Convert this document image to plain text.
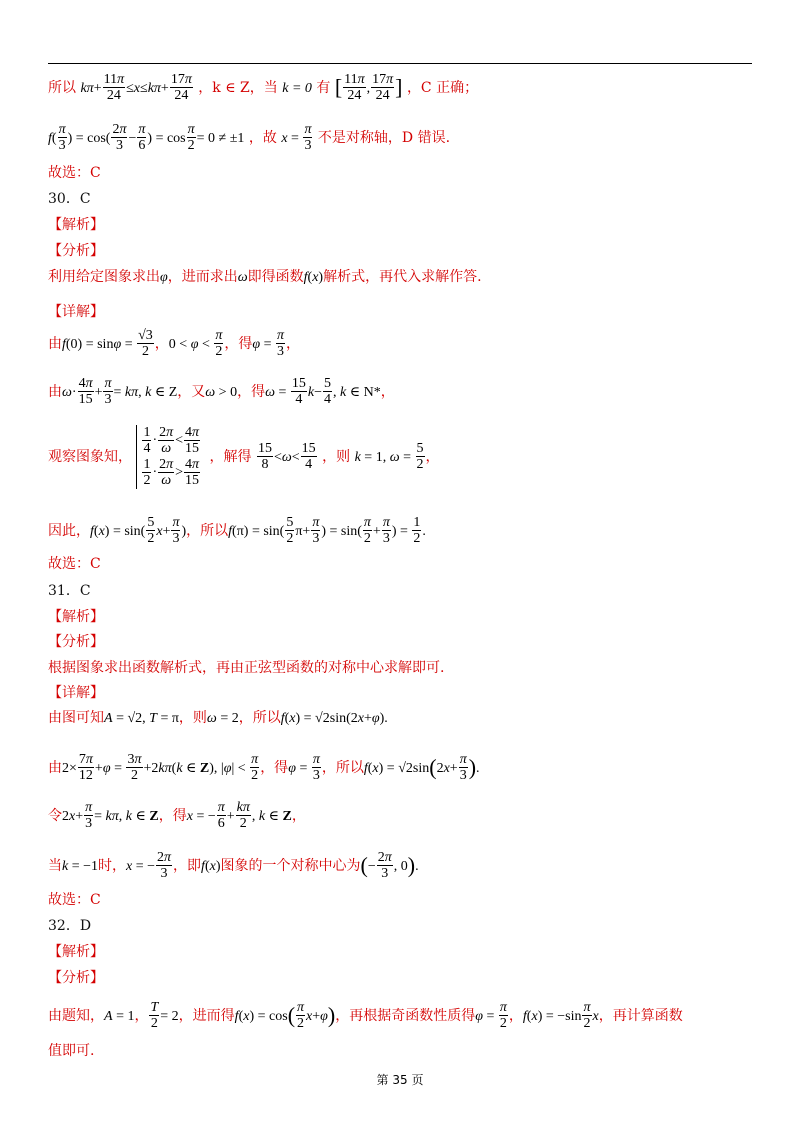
所以 $k\pi+ \frac{11\pi}{24} \le x\le k\pi+ \frac{17\pi}{24}$ ，k ∈ Z，当 k = 0 有 [ $\frac{11\pi}{24}$ , $\frac{17\pi}{24}$ ] ，C 正确；
$f( \frac{\pi}{3}$ ) = $\cos( \frac{2\pi}{3} - \frac{\pi}{6}$ ) = $\cos \frac{\pi}{2} = 0 \ne \pm 1$ ，故 $x = \frac{\pi}{3}$ 不是对称轴，D 错误.
故选：C
30．C
【解析】
【分析】
利用给定图象求出φ，进而求出ω即得函数f(x)解析式，再代入求解作答.
【详解】
由$f(0) = \sin\varphi = \frac{√3}{2}$ ，$0 < \varphi < \frac{\pi}{2}$ ，得$\varphi = \frac{\pi}{3}$ ，
由$\omega\cdot \frac{4\pi}{15} + \frac{\pi}{3} = k\pi$, k ∈ Z，又ω > 0，得$\omega = \frac{15}{4} k- \frac{5}{4}$ , k ∈ N*，
观察图象知， $\frac{1}{4} \cdot \frac{2\pi}{\omega} < \frac{4\pi}{15}$
$\frac{1}{2} \cdot \frac{2\pi}{\omega} > \frac{4\pi}{15}$ ，解得 $\frac{15}{8} <\omega< \frac{15}{4}$ ，则 k = 1, $\omega = \frac{5}{2}$ ，
因此，$f(x) = \sin( \frac{5}{2} x+ \frac{\pi}{3}$ )，所以$f(\pi) = \sin( \frac{5}{2} \pi+ \frac{\pi}{3}$ ) = $\sin( \frac{\pi}{2} + \frac{\pi}{3}$ ) = $\frac{1}{2}$ .
故选：C
31．C
【解析】
【分析】
根据图象求出函数解析式，再由正弦型函数的对称中心求解即可.
【详解】
由图可知A = √2, T = π，则ω = 2，所以f(x) = √2sin(2x+φ).
由$2\times \frac{7\pi}{12} +\varphi = \frac{3\pi}{2} +2k\pi(k$ ∈ Z), $|\varphi| < \frac{\pi}{2}$ ，得$\varphi = \frac{\pi}{3}$ ，所以$f(x) = √2\sin(2x+ \frac{\pi}{3}$ ).
令$2x+ \frac{\pi}{3} = k\pi$, k ∈ Z，得x = − $\frac{\pi}{6} + \frac{k\pi}{2}$ , k ∈ Z，
当k = −1时，x = − $\frac{2\pi}{3}$ ，即f(x)图象的一个对称中心为(− $\frac{2\pi}{3}$ , 0).
故选：C
32．D
【解析】
【分析】
由题知，A = 1， $\frac{T}{2} = 2$，进而得$f(x) = \cos( \frac{\pi}{2} x+\varphi)$，再根据奇函数性质得$\varphi = \frac{\pi}{2}$ ，$f(x) = -\sin \frac{\pi}{2}$ x，再计算函数
值即可.
第 35 页
